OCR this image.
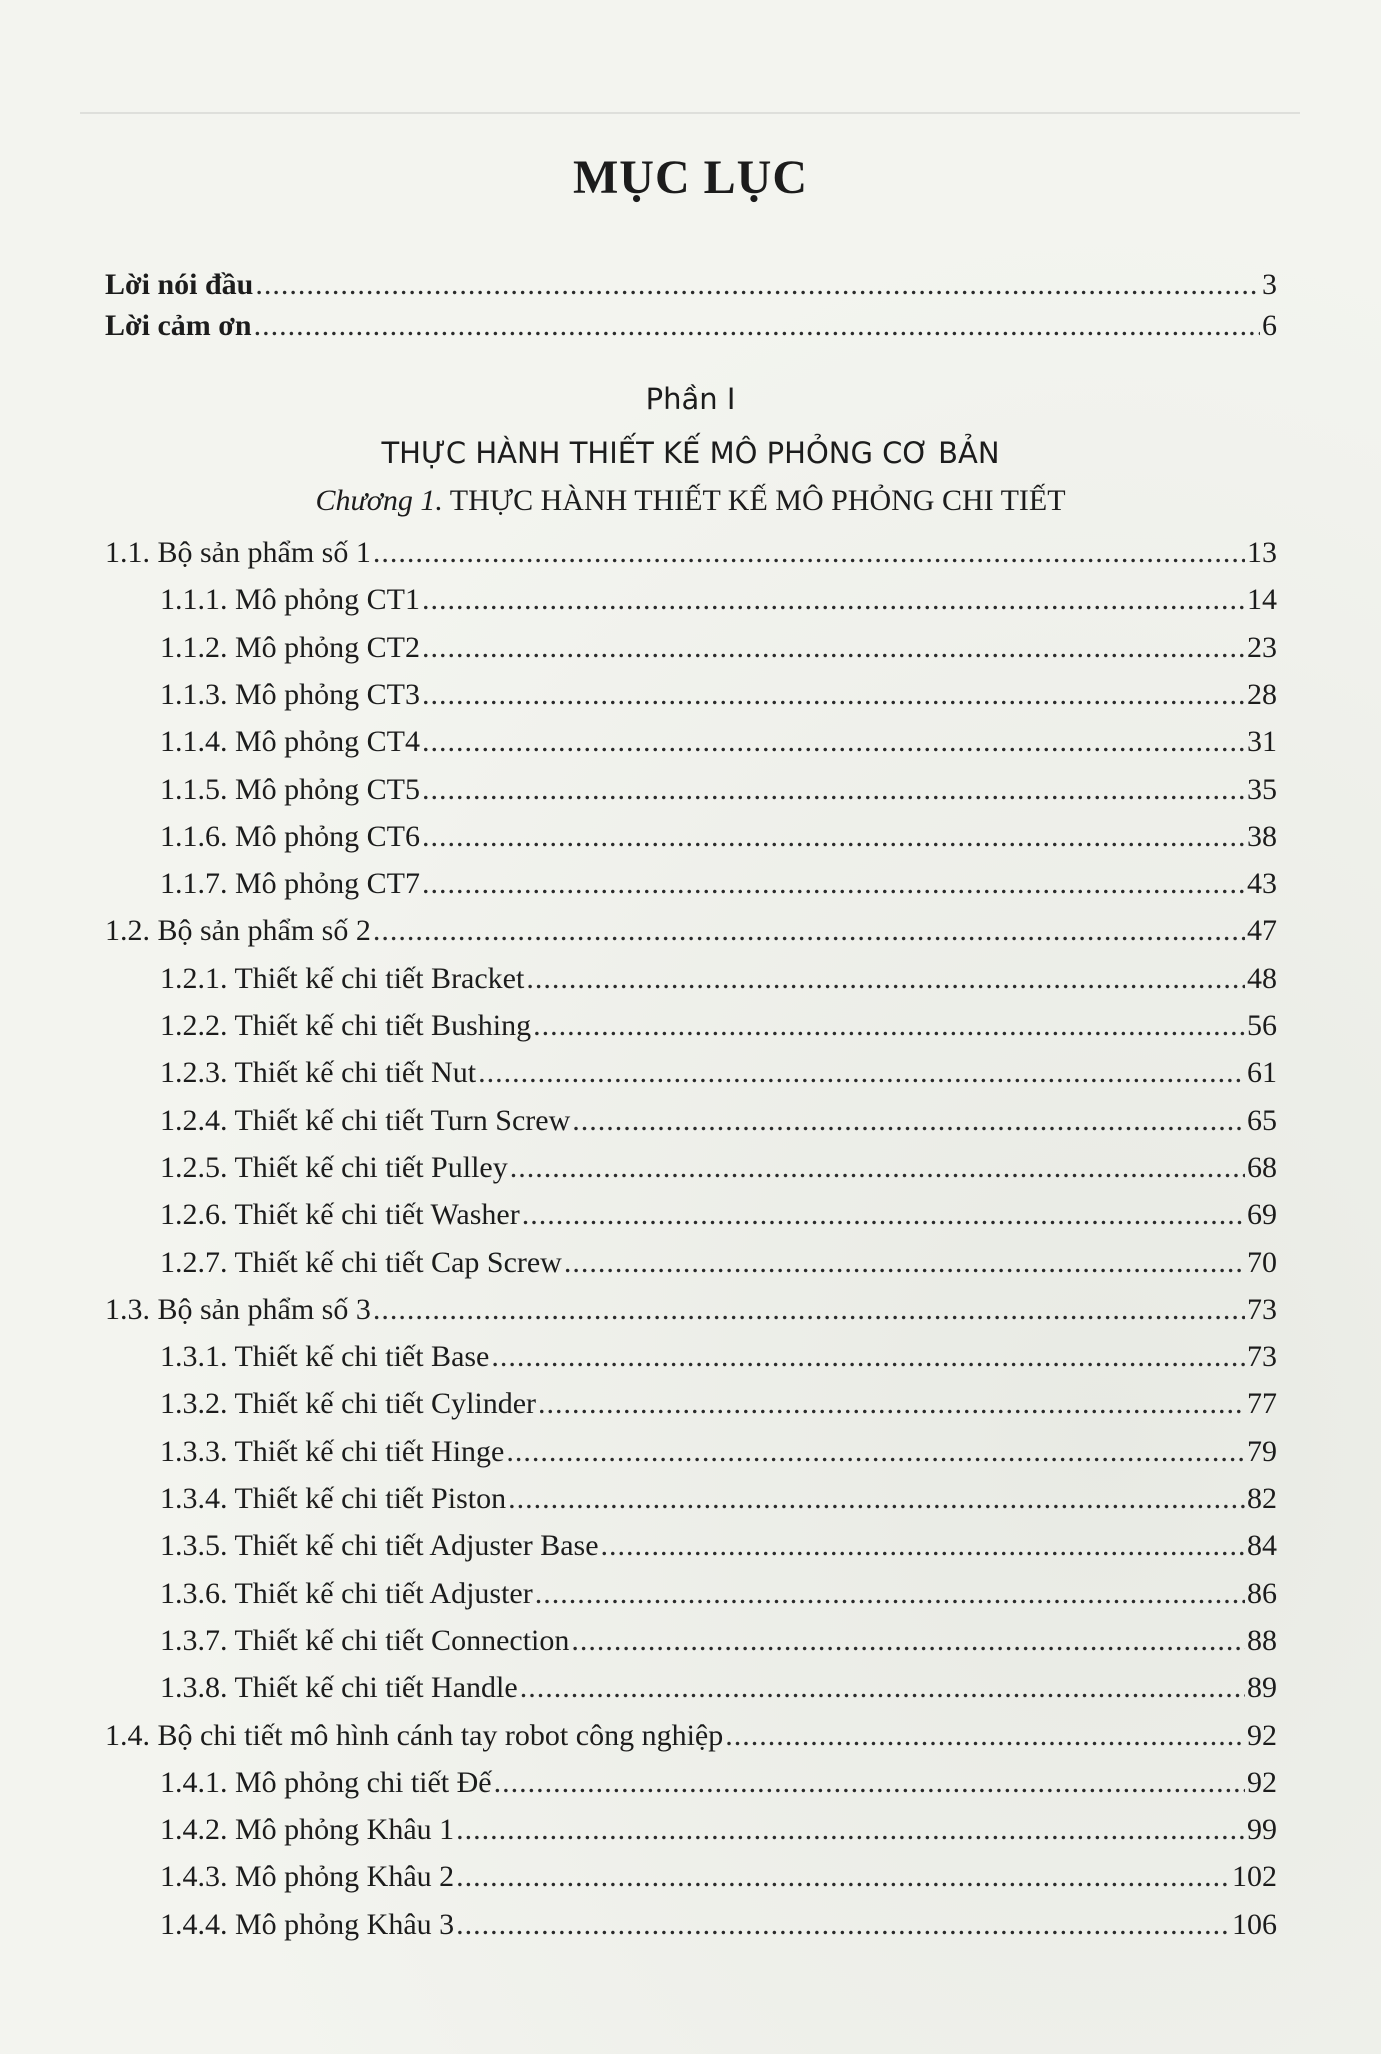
MỤC LỤC
Lời nói đầu .....	3
Lời cảm ơn .....	6
Phần I
THỰC HÀNH THIẾT KẾ MÔ PHỎNG CƠ BẢN
Chương 1. THỰC HÀNH THIẾT KẾ MÔ PHỎNG CHI TIẾT
1.1. Bộ sản phẩm số 1 .....	13
1.1.1. Mô phỏng CT1 .....	14
1.1.2. Mô phỏng CT2 .....	23
1.1.3. Mô phỏng CT3 .....	28
1.1.4. Mô phỏng CT4 .....	31
1.1.5. Mô phỏng CT5 .....	35
1.1.6. Mô phỏng CT6 .....	38
1.1.7. Mô phỏng CT7 .....	43
1.2. Bộ sản phẩm số 2 .....	47
1.2.1. Thiết kế chi tiết Bracket .....	48
1.2.2. Thiết kế chi tiết Bushing .....	56
1.2.3. Thiết kế chi tiết Nut .....	61
1.2.4. Thiết kế chi tiết Turn Screw .....	65
1.2.5. Thiết kế chi tiết Pulley .....	68
1.2.6. Thiết kế chi tiết Washer .....	69
1.2.7. Thiết kế chi tiết Cap Screw .....	70
1.3. Bộ sản phẩm số 3 .....	73
1.3.1. Thiết kế chi tiết Base .....	73
1.3.2. Thiết kế chi tiết Cylinder .....	77
1.3.3. Thiết kế chi tiết Hinge .....	79
1.3.4. Thiết kế chi tiết Piston .....	82
1.3.5. Thiết kế chi tiết Adjuster Base .....	84
1.3.6. Thiết kế chi tiết Adjuster .....	86
1.3.7. Thiết kế chi tiết Connection .....	88
1.3.8. Thiết kế chi tiết Handle .....	89
1.4. Bộ chi tiết mô hình cánh tay robot công nghiệp .....	92
1.4.1. Mô phỏng chi tiết Đế .....	92
1.4.2. Mô phỏng Khâu 1 .....	99
1.4.3. Mô phỏng Khâu 2 .....	102
1.4.4. Mô phỏng Khâu 3 .....	106
